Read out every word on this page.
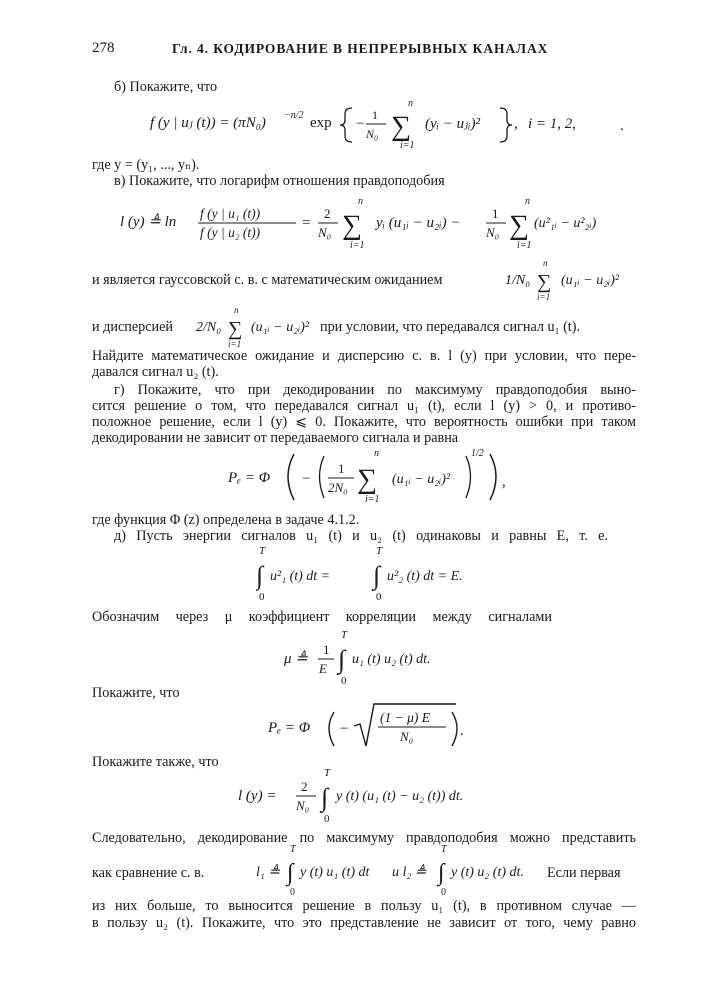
278	Гл. 4. КОДИРОВАНИЕ В НЕПРЕРЫВНЫХ КАНАЛАХ
б) Покажите, что
f (y | uⱼ (t)) = (πN₀) −n/2 exp −
1
N₀
n
∑
i=1
(yᵢ − uⱼᵢ)² , i = 1, 2,	.
где y = (y₁, ..., yₙ).
в) Покажите, что логарифм отношения правдоподобия
l (y) ≜ ln
f (y | u₁ (t))
f (y | u₂ (t))
=
2
N₀
n
∑
i=1
yᵢ (u₁ᵢ − u₂ᵢ) −
1
N₀
n
∑
i=1
(u²₁ᵢ − u²₂ᵢ)
и является гауссовской с. в. с математическим ожиданием	1/N₀
n
∑
i=1
(u₁ᵢ − u₂ᵢ)²
и дисперсией 2/N₀
n
∑
i=1
(u₁ᵢ − u₂ᵢ)² при условии, что передавался сигнал u₁ (t).
Найдите математическое ожидание и дисперсию с. в. l (y) при условии, что пере-
давался сигнал u₂ (t).
г) Покажите, что при декодировании по максимуму правдоподобия выно-
сится решение о том, что передавался сигнал u₁ (t), если l (y) > 0, и противо-
положное решение, если l (y) ⩽ 0. Покажите, что вероятность ошибки при таком
декодировании не зависит от передаваемого сигнала и равна
Pₑ = Φ −
1
2N₀
n
∑
i=1
(u₁ᵢ − u₂ᵢ)²
1/2
,
где функция Φ (z) определена в задаче 4.1.2.
д) Пусть энергии сигналов u₁ (t) и u₂ (t) одинаковы и равны E, т. е.
T
∫
0
u²₁ (t) dt =
T
∫
0
u²₂ (t) dt = E.
Обозначим через μ коэффициент корреляции между сигналами
μ ≜
1
E
T
∫
0
u₁ (t) u₂ (t) dt.
Покажите, что
Pₑ = Φ −
(1 − μ) E
N₀	.
Покажите также, что
l (y) =
2
N₀
T
∫
0
y (t) (u₁ (t) − u₂ (t)) dt.
Следовательно, декодирование по максимуму правдоподобия можно представить
как сравнение с. в.	l₁ ≜
T
∫
0
y (t) u₁ (t) dt и l₂ ≜
T
∫
0
y (t) u₂ (t) dt. Если первая
из них больше, то выносится решение в пользу u₁ (t), в противном случае —
в пользу u₂ (t). Покажите, что это представление не зависит от того, чему равно
